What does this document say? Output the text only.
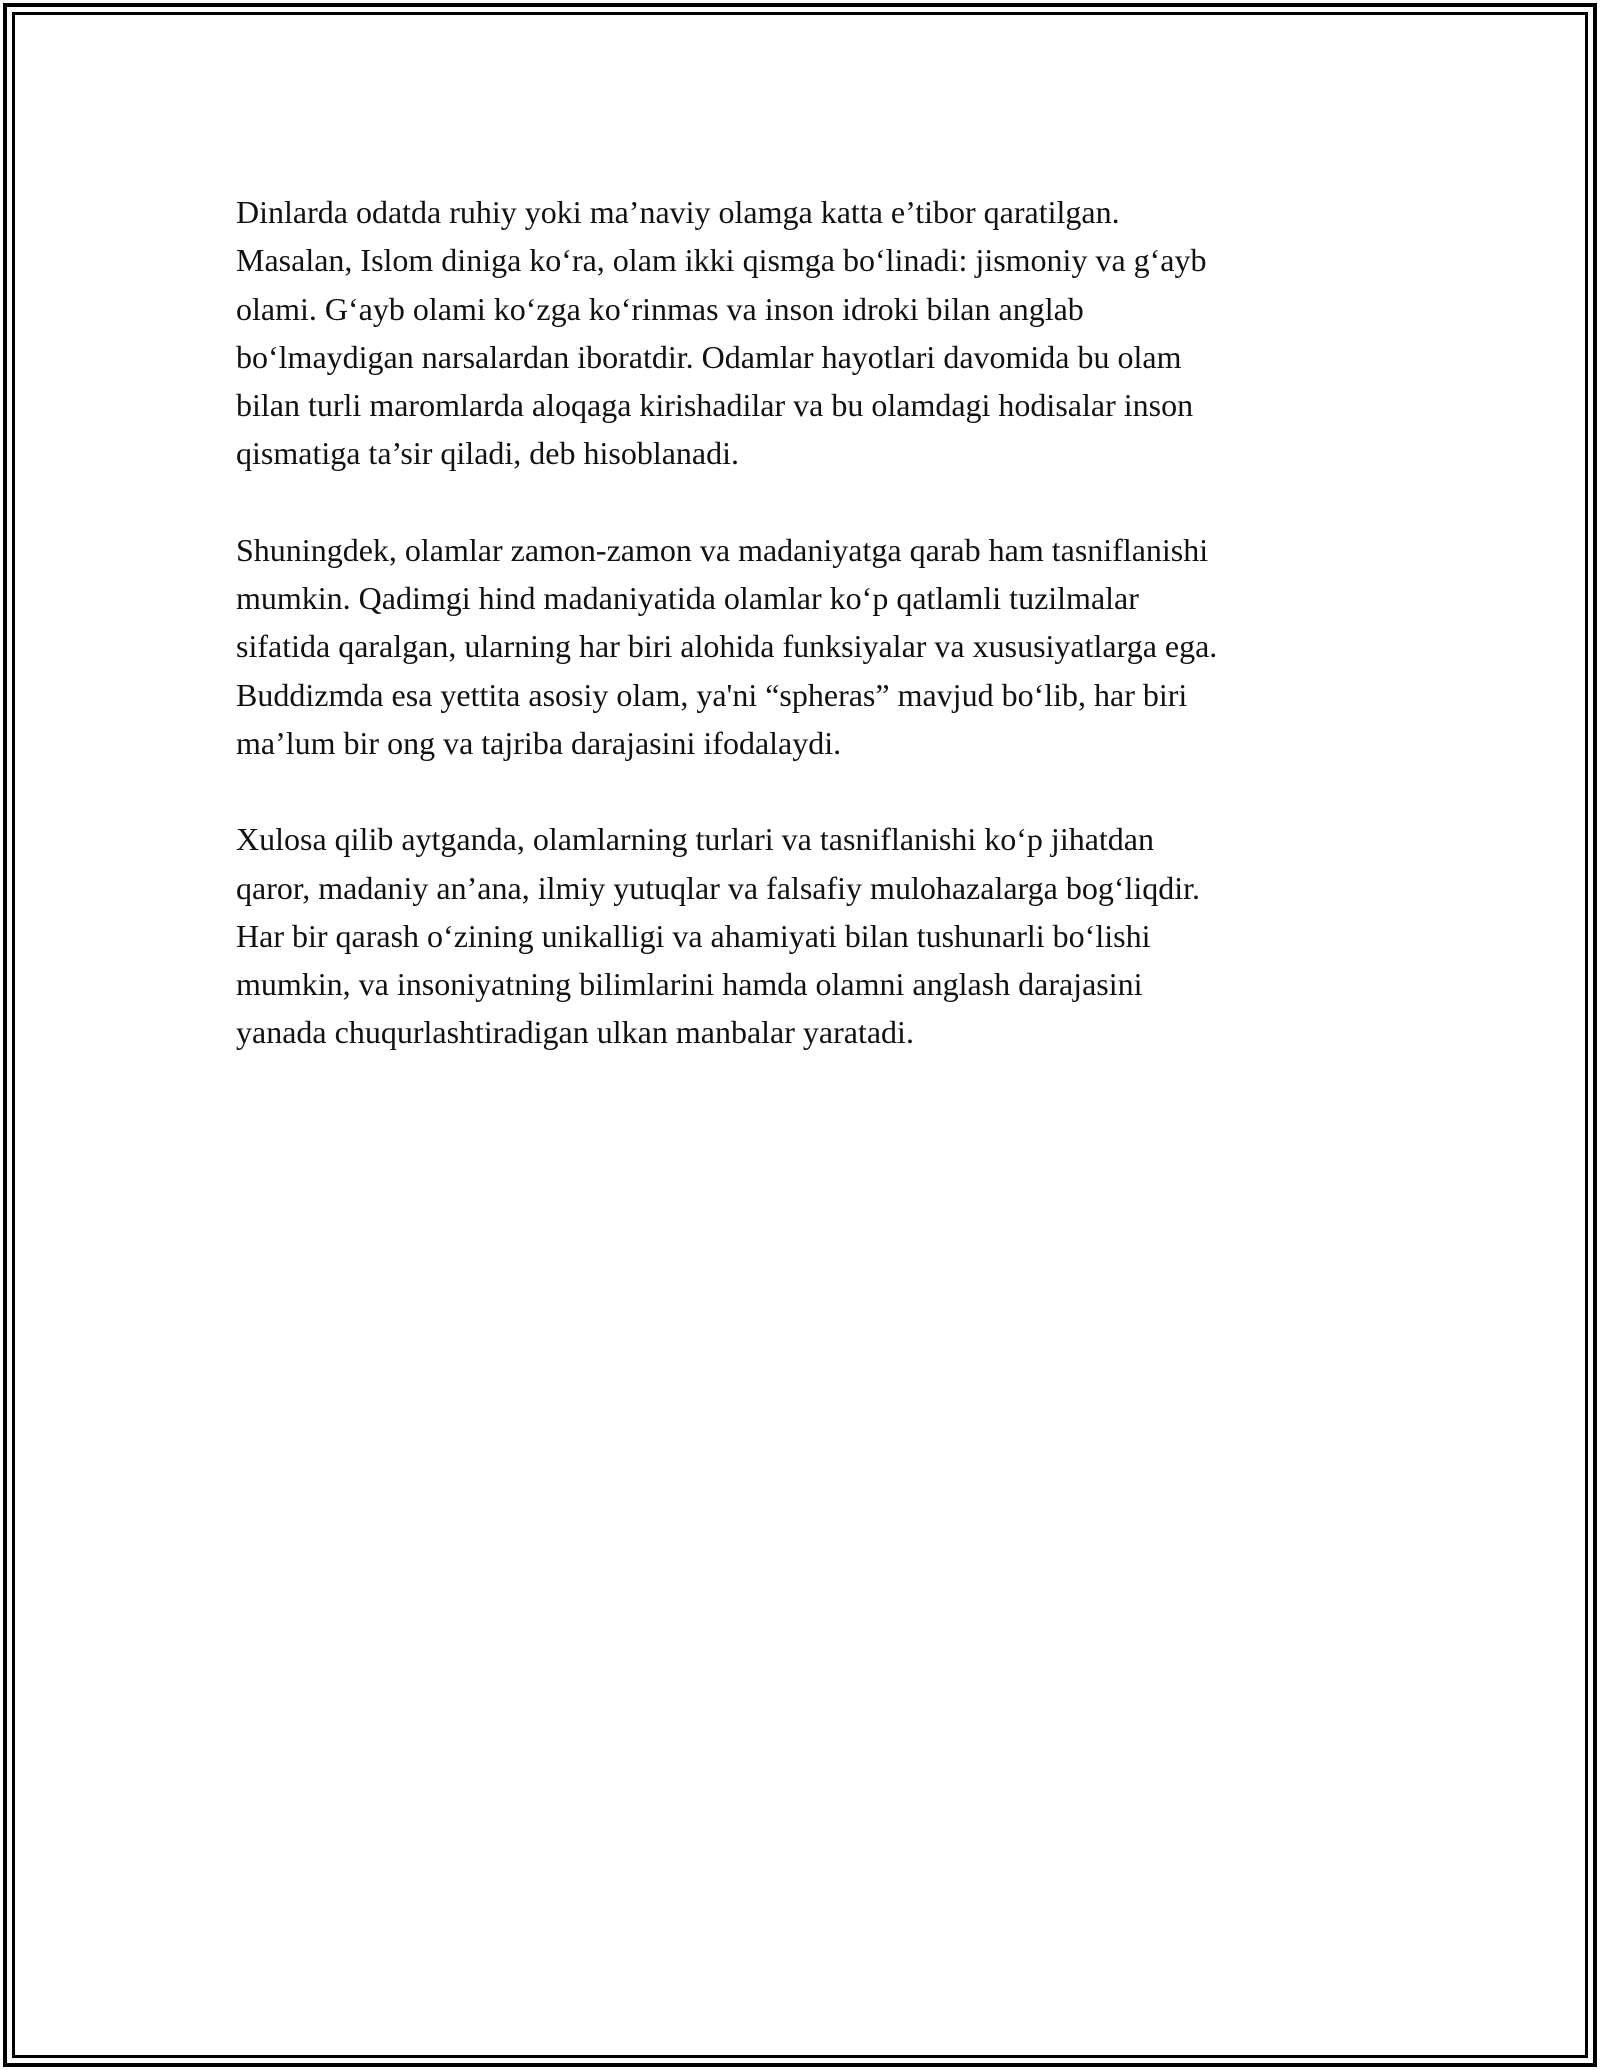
Dinlarda odatda ruhiy yoki ma’naviy olamga katta e’tibor qaratilgan.
Masalan, Islom diniga ko‘ra, olam ikki qismga bo‘linadi: jismoniy va g‘ayb
olami. G‘ayb olami ko‘zga ko‘rinmas va inson idroki bilan anglab
bo‘lmaydigan narsalardan iboratdir. Odamlar hayotlari davomida bu olam
bilan turli maromlarda aloqaga kirishadilar va bu olamdagi hodisalar inson
qismatiga ta’sir qiladi, deb hisoblanadi.

Shuningdek, olamlar zamon-zamon va madaniyatga qarab ham tasniflanishi
mumkin. Qadimgi hind madaniyatida olamlar ko‘p qatlamli tuzilmalar
sifatida qaralgan, ularning har biri alohida funksiyalar va xususiyatlarga ega.
Buddizmda esa yettita asosiy olam, ya'ni “spheras” mavjud bo‘lib, har biri
ma’lum bir ong va tajriba darajasini ifodalaydi.

Xulosa qilib aytganda, olamlarning turlari va tasniflanishi ko‘p jihatdan
qaror, madaniy an’ana, ilmiy yutuqlar va falsafiy mulohazalarga bog‘liqdir.
Har bir qarash o‘zining unikalligi va ahamiyati bilan tushunarli bo‘lishi
mumkin, va insoniyatning bilimlarini hamda olamni anglash darajasini
yanada chuqurlashtiradigan ulkan manbalar yaratadi.
